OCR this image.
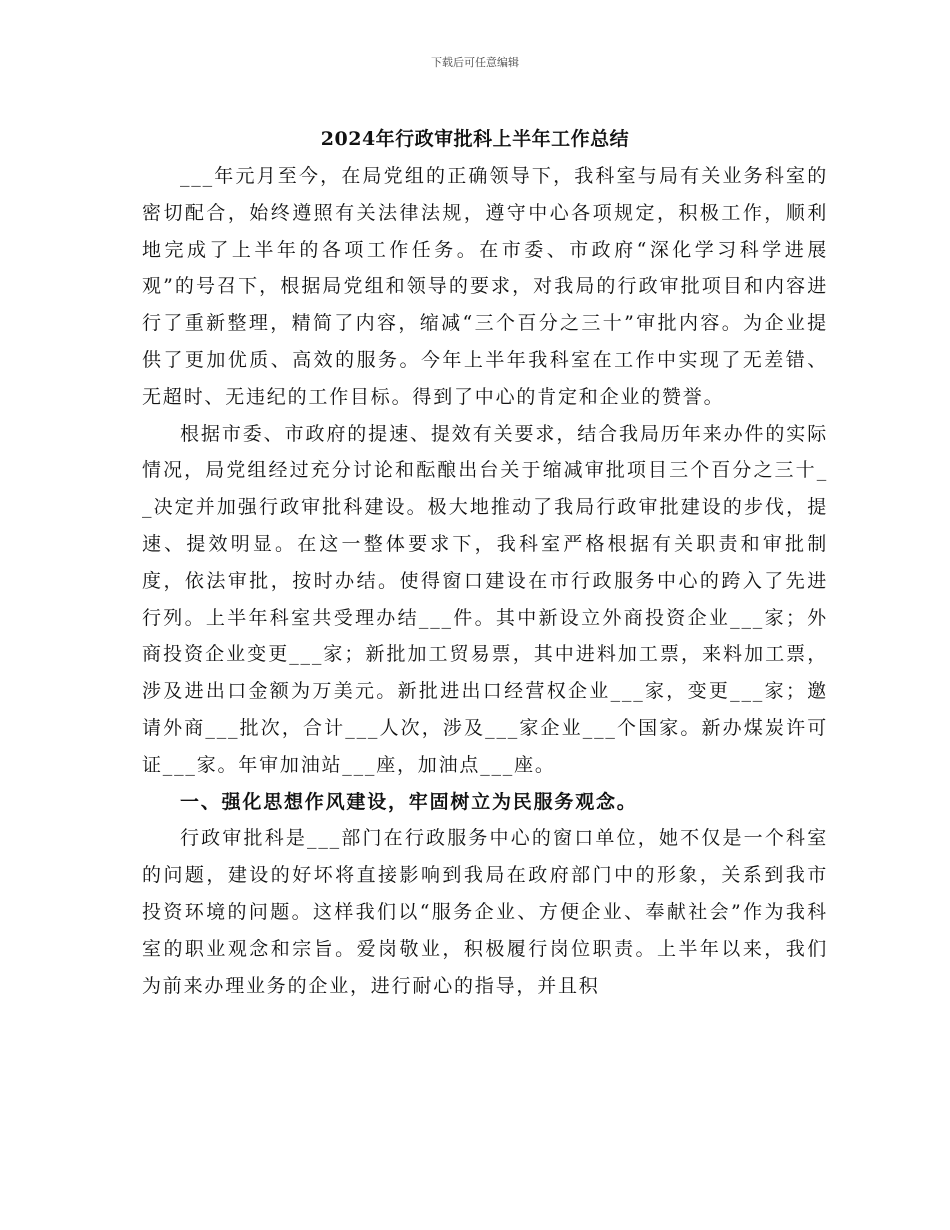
下载后可任意编辑
2024年行政审批科上半年工作总结

___年元月至今，在局党组的正确领导下，我科室与局有关业务科室的密切配合，始终遵照有关法律法规，遵守中心各项规定，积极工作，顺利地完成了上半年的各项工作任务。在市委、市政府“深化学习科学进展观”的号召下，根据局党组和领导的要求，对我局的行政审批项目和内容进行了重新整理，精简了内容，缩减“三个百分之三十”审批内容。为企业提供了更加优质、高效的服务。今年上半年我科室在工作中实现了无差错、无超时、无违纪的工作目标。得到了中心的肯定和企业的赞誉。

根据市委、市政府的提速、提效有关要求，结合我局历年来办件的实际情况，局党组经过充分讨论和酝酿出台关于缩减审批项目三个百分之三十__决定并加强行政审批科建设。极大地推动了我局行政审批建设的步伐，提速、提效明显。在这一整体要求下，我科室严格根据有关职责和审批制度，依法审批，按时办结。使得窗口建设在市行政服务中心的跨入了先进行列。上半年科室共受理办结___件。其中新设立外商投资企业___家；外商投资企业变更___家；新批加工贸易票，其中进料加工票，来料加工票，涉及进出口金额为万美元。新批进出口经营权企业___家，变更___家；邀请外商___批次，合计___人次，涉及___家企业___个国家。新办煤炭许可证___家。年审加油站___座，加油点___座。

一、强化思想作风建设，牢固树立为民服务观念。

行政审批科是___部门在行政服务中心的窗口单位，她不仅是一个科室的问题，建设的好坏将直接影响到我局在政府部门中的形象，关系到我市投资环境的问题。这样我们以“服务企业、方便企业、奉献社会”作为我科室的职业观念和宗旨。爱岗敬业，积极履行岗位职责。上半年以来，我们为前来办理业务的企业，进行耐心的指导，并且积
